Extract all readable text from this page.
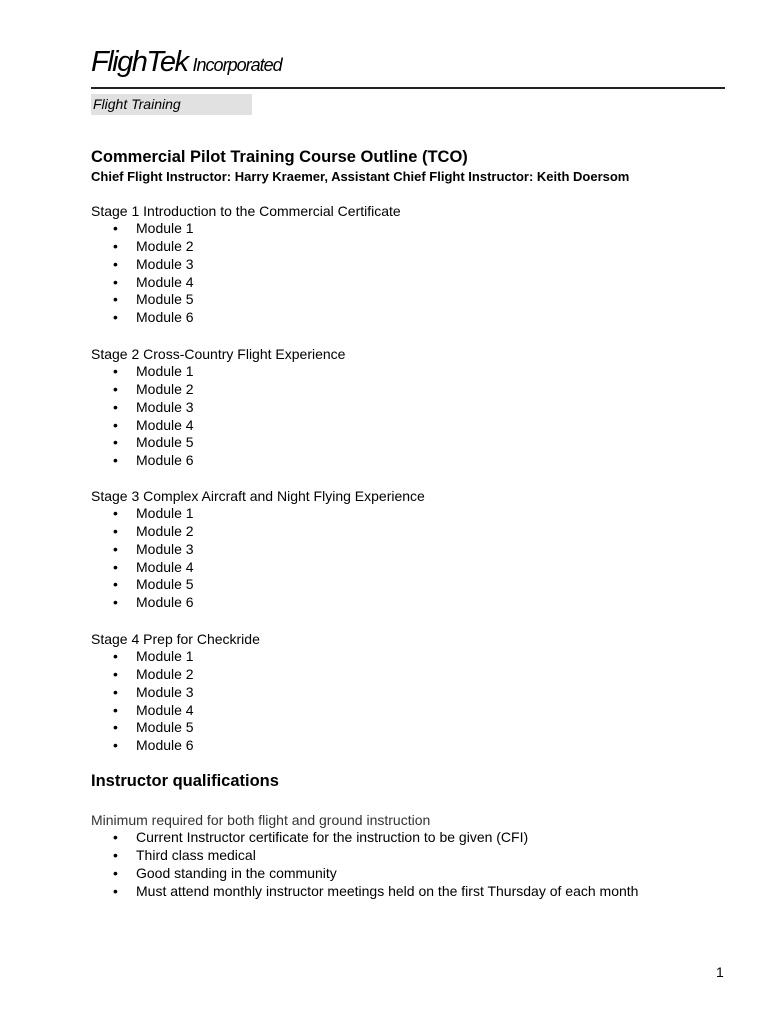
FlighTek Incorporated
Flight Training
Commercial Pilot Training Course Outline (TCO)
Chief Flight Instructor: Harry Kraemer, Assistant Chief Flight Instructor: Keith Doersom
Stage 1 Introduction to the Commercial Certificate
• Module 1
• Module 2
• Module 3
• Module 4
• Module 5
• Module 6
Stage 2 Cross-Country Flight Experience
• Module 1
• Module 2
• Module 3
• Module 4
• Module 5
• Module 6
Stage 3 Complex Aircraft and Night Flying Experience
• Module 1
• Module 2
• Module 3
• Module 4
• Module 5
• Module 6
Stage 4 Prep for Checkride
• Module 1
• Module 2
• Module 3
• Module 4
• Module 5
• Module 6
Instructor qualifications
Minimum required for both flight and ground instruction
• Current Instructor certificate for the instruction to be given (CFI)
• Third class medical
• Good standing in the community
• Must attend monthly instructor meetings held on the first Thursday of each month
1
